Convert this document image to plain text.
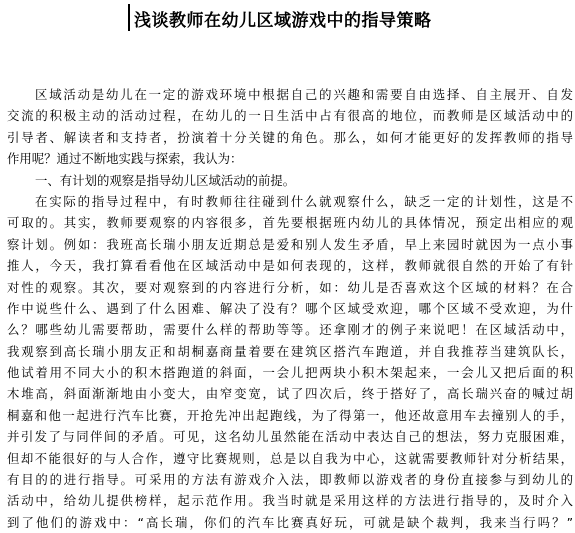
浅谈教师在幼儿区域游戏中的指导策略
区域活动是幼儿在一定的游戏环境中根据自己的兴趣和需要自由选择、自主展开、自发
交流的积极主动的活动过程，在幼儿的一日生活中占有很高的地位，而教师是区域活动中的
引导者、解读者和支持者，扮演着十分关键的角色。那么，如何才能更好的发挥教师的指导
作用呢？通过不断地实践与探索，我认为：
一、有计划的观察是指导幼儿区域活动的前提。
在实际的指导过程中，有时教师往往碰到什么就观察什么，缺乏一定的计划性，这是不
可取的。其实，教师要观察的内容很多，首先要根据班内幼儿的具体情况，预定出相应的观
察计划。例如：我班高长瑞小朋友近期总是爱和别人发生矛盾，早上来园时就因为一点小事
推人，今天，我打算看看他在区域活动中是如何表现的，这样，教师就很自然的开始了有针
对性的观察。其次，要对观察到的内容进行分析，如：幼儿是否喜欢这个区域的材料？在合
作中说些什么、遇到了什么困难、解决了没有？哪个区域受欢迎，哪个区域不受欢迎，为什
么？哪些幼儿需要帮助，需要什么样的帮助等等。还拿刚才的例子来说吧！在区域活动中，
我观察到高长瑞小朋友正和胡桐嘉商量着要在建筑区搭汽车跑道，并自我推荐当建筑队长，
他试着用不同大小的积木搭跑道的斜面，一会儿把两块小积木架起来，一会儿又把后面的积
木堆高，斜面渐渐地由小变大，由窄变宽，试了四次后，终于搭好了，高长瑞兴奋的喊过胡
桐嘉和他一起进行汽车比赛，开抢先冲出起跑线，为了得第一，他还故意用车去撞别人的手，
并引发了与同伴间的矛盾。可见，这名幼儿虽然能在活动中表达自己的想法，努力克服困难，
但却不能很好的与人合作，遵守比赛规则，总是以自我为中心，这就需要教师针对分析结果，
有目的的进行指导。可采用的方法有游戏介入法，即教师以游戏者的身份直接参与到幼儿的
活动中，给幼儿提供榜样，起示范作用。我当时就是采用这样的方法进行指导的，及时介入
到了他们的游戏中：“高长瑞，你们的汽车比赛真好玩，可就是缺个裁判，我来当行吗？”
